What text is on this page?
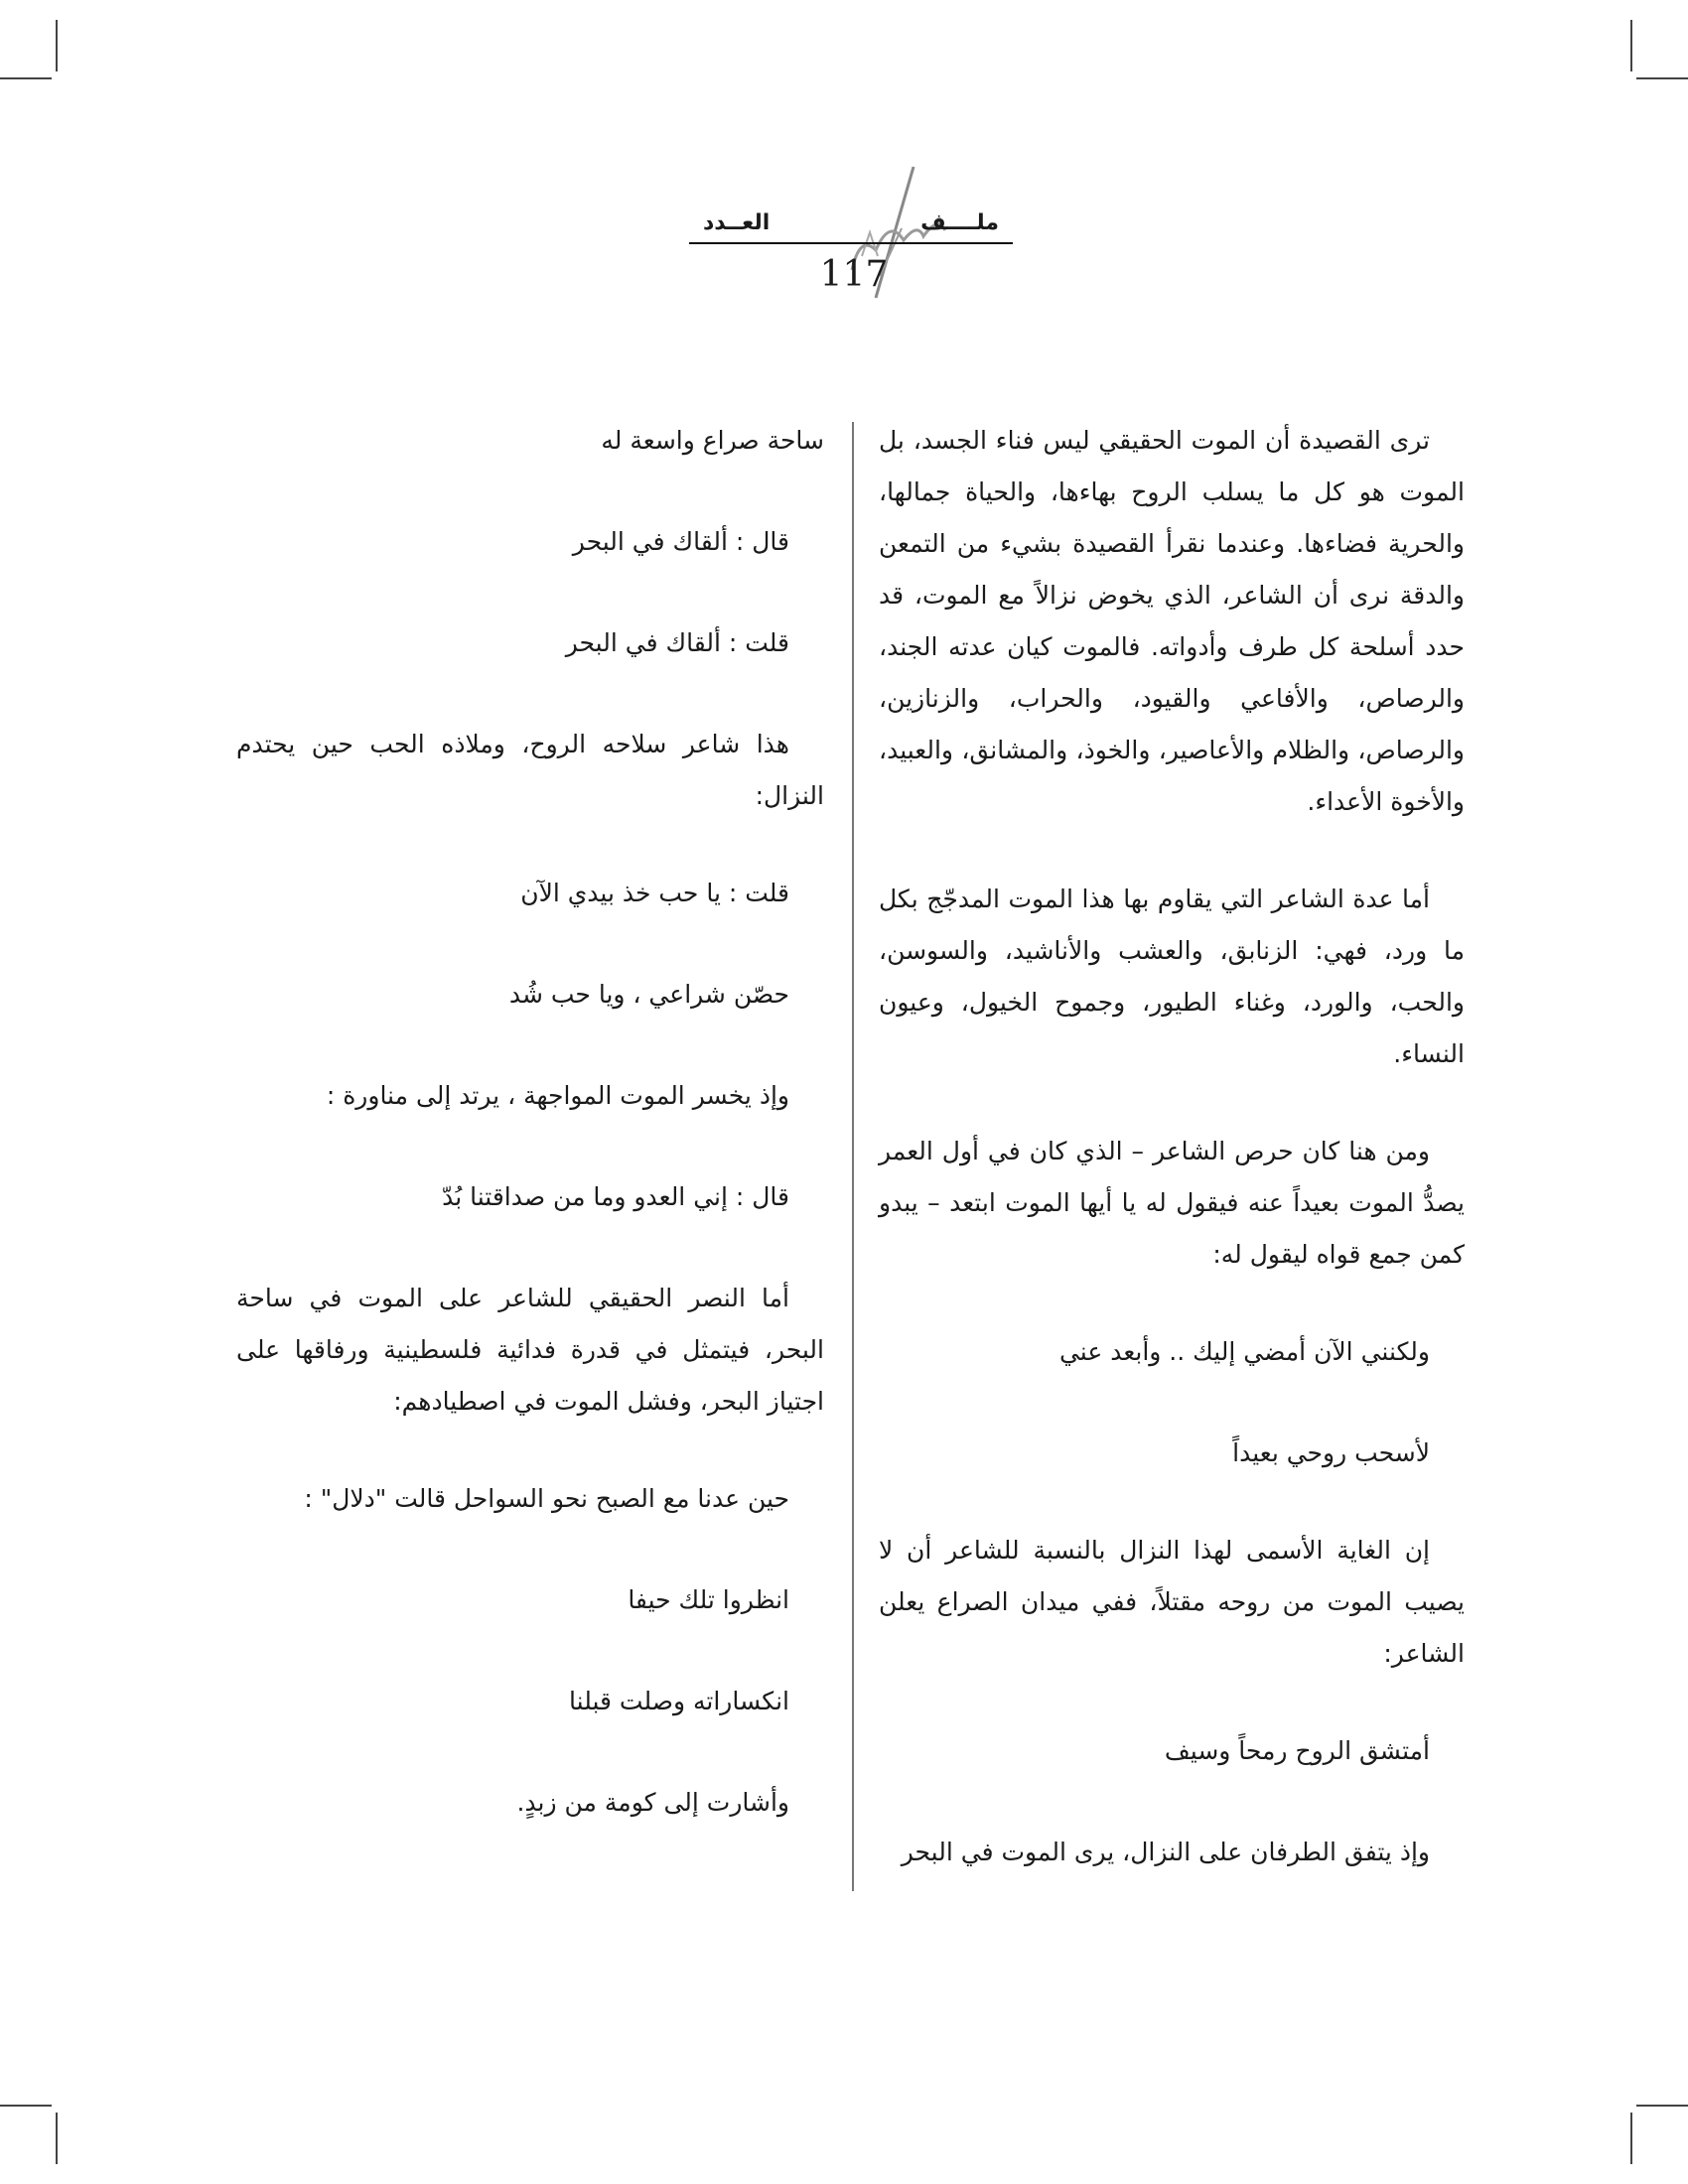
العــدد	ملــــف
117

ترى القصيدة أن الموت الحقيقي ليس فناء الجسد، بل الموت هو كل ما يسلب الروح بهاءها، والحياة جمالها، والحرية فضاءها. وعندما نقرأ القصيدة بشيء من التمعن والدقة نرى أن الشاعر، الذي يخوض نزالاً مع الموت، قد حدد أسلحة كل طرف وأدواته. فالموت كيان عدته الجند، والرصاص، والأفاعي والقيود، والحراب، والزنازين، والرصاص، والظلام والأعاصير، والخوذ، والمشانق، والعبيد، والأخوة الأعداء.

أما عدة الشاعر التي يقاوم بها هذا الموت المدجّج بكل ما ورد، فهي: الزنابق، والعشب والأناشيد، والسوسن، والحب، والورد، وغناء الطيور، وجموح الخيول، وعيون النساء.

ومن هنا كان حرص الشاعر – الذي كان في أول العمر يصدُّ الموت بعيداً عنه فيقول له يا أيها الموت ابتعد – يبدو كمن جمع قواه ليقول له:

ولكنني الآن أمضي إليك .. وأبعد عني

لأسحب روحي بعيداً

إن الغاية الأسمى لهذا النزال بالنسبة للشاعر أن لا يصيب الموت من روحه مقتلاً، ففي ميدان الصراع يعلن الشاعر:

أمتشق الروح رمحاً وسيف

وإذ يتفق الطرفان على النزال، يرى الموت في البحر

ساحة صراع واسعة له

قال : ألقاك في البحر

قلت : ألقاك في البحر

هذا شاعر سلاحه الروح، وملاذه الحب حين يحتدم النزال:

قلت : يا حب خذ بيدي الآن

حصّن شراعي ، ويا حب شُد

وإذ يخسر الموت المواجهة ، يرتد إلى مناورة :

قال : إني العدو وما من صداقتنا بُدّ

أما النصر الحقيقي للشاعر على الموت في ساحة البحر، فيتمثل في قدرة فدائية فلسطينية ورفاقها على اجتياز البحر، وفشل الموت في اصطيادهم:

حين عدنا مع الصبح نحو السواحل قالت "دلال" :

انظروا تلك حيفا

انكساراته وصلت قبلنا

وأشارت إلى كومة من زبدٍ.
